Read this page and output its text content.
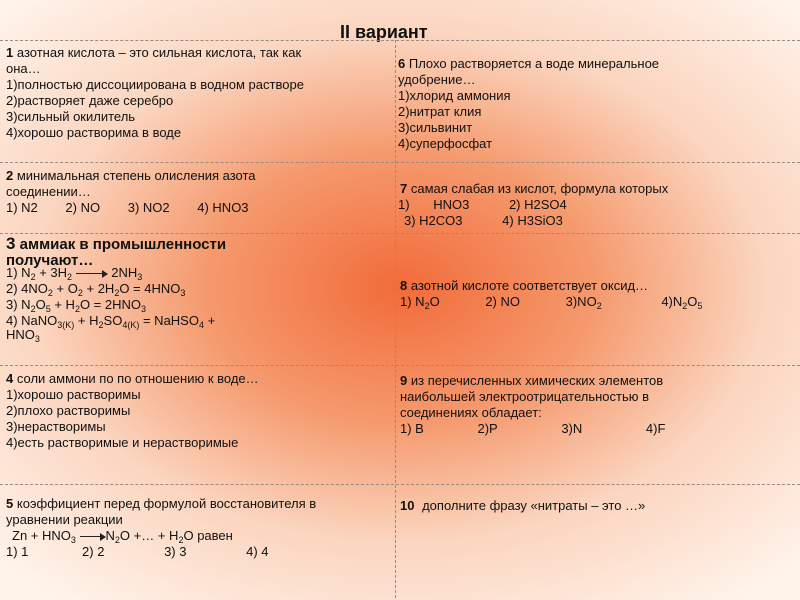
II вариант
1 азотная кислота – это сильная кислота, так как
она…
1)полностью диссоциирована в водном растворе
2)растворяет даже серебро
3)сильный окилитель
4)хорошо растворима в воде
2 минимальная степень олисления азота
соединении…
1) N2 2) NO 3) NO2 4) HNO3
3 аммиак в промышленности
получают…
1) $N_2 + 3H_2$	$2NH_3$
2) $4NO_2 + O_2 + 2H_2O = 4HNO_3$
3) $N_2O_5 + H_2O = 2HNO_3$
4) NaNO$_{3(K)}$ + $H_2SO_{4(K)}$ = NaHSO$_4$ +
$HNO_3$
4 соли аммони по по отношению к воде…
1)хорошо растворимы
2)плохо растворимы
3)нерастворимы
4)есть растворимые и нерастворимые
5 коэффициент перед формулой восстановителя в
уравнении реакции
$Zn + HNO_3$ $N_2O$ +… + $H_2O$ равен
1) 1	2) 2	3) 3	4) 4
6 Плохо растворяется а воде минеральное
удобрение…
1)хлорид аммония
2)нитрат клия
3)сильвинит
4)суперфосфат
7 самая слабая из кислот, формула которых
1) HNO3	2) H2SO4
3) H2CO3	4) H3SiO3
8 азотной кислоте соответствует оксид…
1) $N_2O$	2) NO	$3)NO_2$	$4)N_2O_5$
9 из перечисленных химических элементов
наибольшей электроотрицательностью в
соединениях обладает:
1) B	2)P	3)N	4)F
10 дополните фразу «нитраты – это …»
